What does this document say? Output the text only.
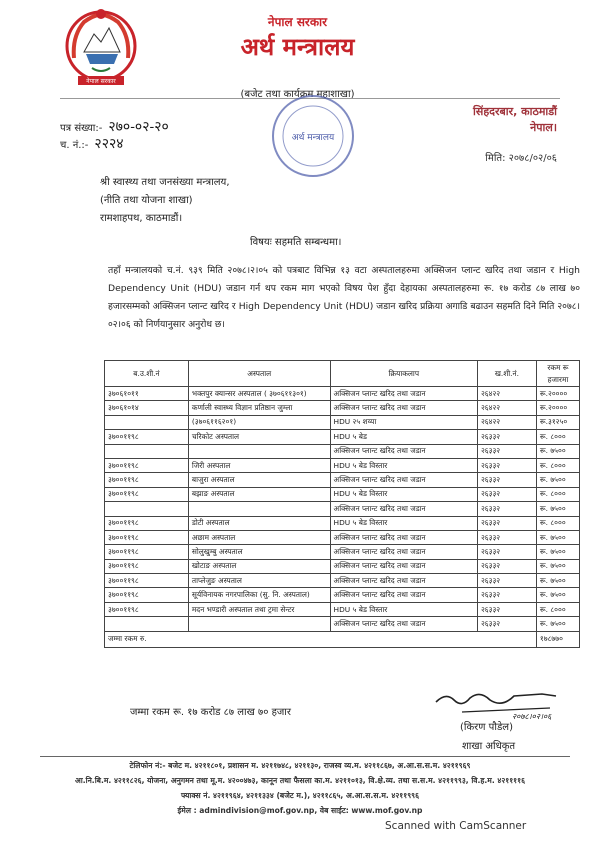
नेपाल सरकार
नेपाल सरकार
अर्थ मन्त्रालय
(बजेट तथा कार्यक्रम महाशाखा)
अर्थ मन्त्रालय
पत्र संख्या:- २७०-०२-२०
च. नं.:- २२२४
सिंहदरबार, काठमाडौं
नेपाल।
मिति: २०७८/०२/०६
श्री स्वास्थ्य तथा जनसंख्या मन्त्रालय,
(नीति तथा योजना शाखा)
रामशाहपथ, काठमाडौं।
विषयः सहमति सम्बन्धमा।
तहाँ मन्त्रालयको च.नं. ९३९ मिति २०७८।२।०५ को पत्रबाट विभिन्न १३ वटा अस्पतालहरुमा अक्सिजन प्लान्ट खरिद तथा जडान र High Dependency Unit (HDU) जडान गर्न थप रकम माग भएको विषय पेश हुँदा देहायका अस्पतालहरुमा रू. १७ करोड ८७ लाख ७० हजारसम्मको अक्सिजन प्लान्ट खरिद र High Dependency Unit (HDU) जडान खरिद प्रक्रिया अगाडि बढाउन सहमति दिने मिति २०७८।०२।०६ को निर्णयानुसार अनुरोध छ।
ब.उ.शी.नं	अस्पताल	क्रियाकलाप	ख.शी.नं.	रकम रू हजारमा
३७०६१०११	भक्तपुर क्यान्सर अस्पताल ( ३७०६११३०१)	अक्सिजन प्लान्ट खरिद तथा जडान	२६४२२	रू.२००००
३७०६१०१४	कर्णाली स्वास्थ्य विज्ञान प्रतिष्ठान जुम्ला	अक्सिजन प्लान्ट खरिद तथा जडान	२६४२२	रू.२००००
	(३७०६११६२०१)	HDU २५ शय्या	२६४२२	रू.३१२५०
३७००११९८	चरिकोट अस्पताल	HDU ५ बेड	२६३३२	रू. ८०००
		अक्सिजन प्लान्ट खरिद तथा जडान	२६३३२	रू. ७५००
३७००११९८	जिरी अस्पताल	HDU ५ बेड विस्तार	२६३३२	रू. ८०००
३७००११९८	बाजुरा अस्पताल	अक्सिजन प्लान्ट खरिद तथा जडान	२६३३२	रू. ७५००
३७००११९८	बझाङ अस्पताल	HDU ५ बेड विस्तार	२६३३२	रू. ८०००
		अक्सिजन प्लान्ट खरिद तथा जडान	२६३३२	रू. ७५००
३७००११९८	डोटी अस्पताल	HDU ५ बेड विस्तार	२६३३२	रू. ८०००
३७००११९८	अछाम अस्पताल	अक्सिजन प्लान्ट खरिद तथा जडान	२६३३२	रू. ७५००
३७००११९८	सोलुखुम्बु अस्पताल	अक्सिजन प्लान्ट खरिद तथा जडान	२६३३२	रू. ७५००
३७००११९८	खोटाङ अस्पताल	अक्सिजन प्लान्ट खरिद तथा जडान	२६३३२	रू. ७५००
३७००११९८	ताप्लेजुङ अस्पताल	अक्सिजन प्लान्ट खरिद तथा जडान	२६३३२	रू. ७५००
३७००११९८	सूर्यविनायक नगरपालिका (सु. नि. अस्पताल)	अक्सिजन प्लान्ट खरिद तथा जडान	२६३३२	रू. ७५००
३७००११९८	मदन भण्डारी अस्पताल तथा ट्रमा सेन्टर	HDU ५ बेड विस्तार	२६३३२	रू. ८०००
		अक्सिजन प्लान्ट खरिद तथा जडान	२६३३२	रू. ७५००
जम्मा रकम रु.				१७८७७०
जम्मा रकम रू. १७ करोड ८७ लाख ७० हजार	२०७८।०२।०६
(किरण पौडेल)
शाखा अधिकृत
टेलिफोन नं:- बजेट म. ४२११८०१, प्रशासन म. ४२११७४८, ४२११३०, राजस्व व्य.म. ४२११८६७, अ.आ.स.स.म. ४२११९६९
आ.नि.बि.म. ४२११८२६, योजना, अनुगमन तथा मू.म. ४२००४७३, कानून तथा फैसला का.म. ४२११०१३, वि.क्षे.व्य. तथा स.स.म. ४२११९९३, वि.ह.म. ४२११११६
फ्याक्स नं. ४२११९६४, ४२११३३४ (बजेट म.), ४२११८६५, अ.आ.स.स.म. ४२११९९६
ईमेल : admindivision@mof.gov.np, वेब साईट: www.mof.gov.np
Scanned with CamScanner
